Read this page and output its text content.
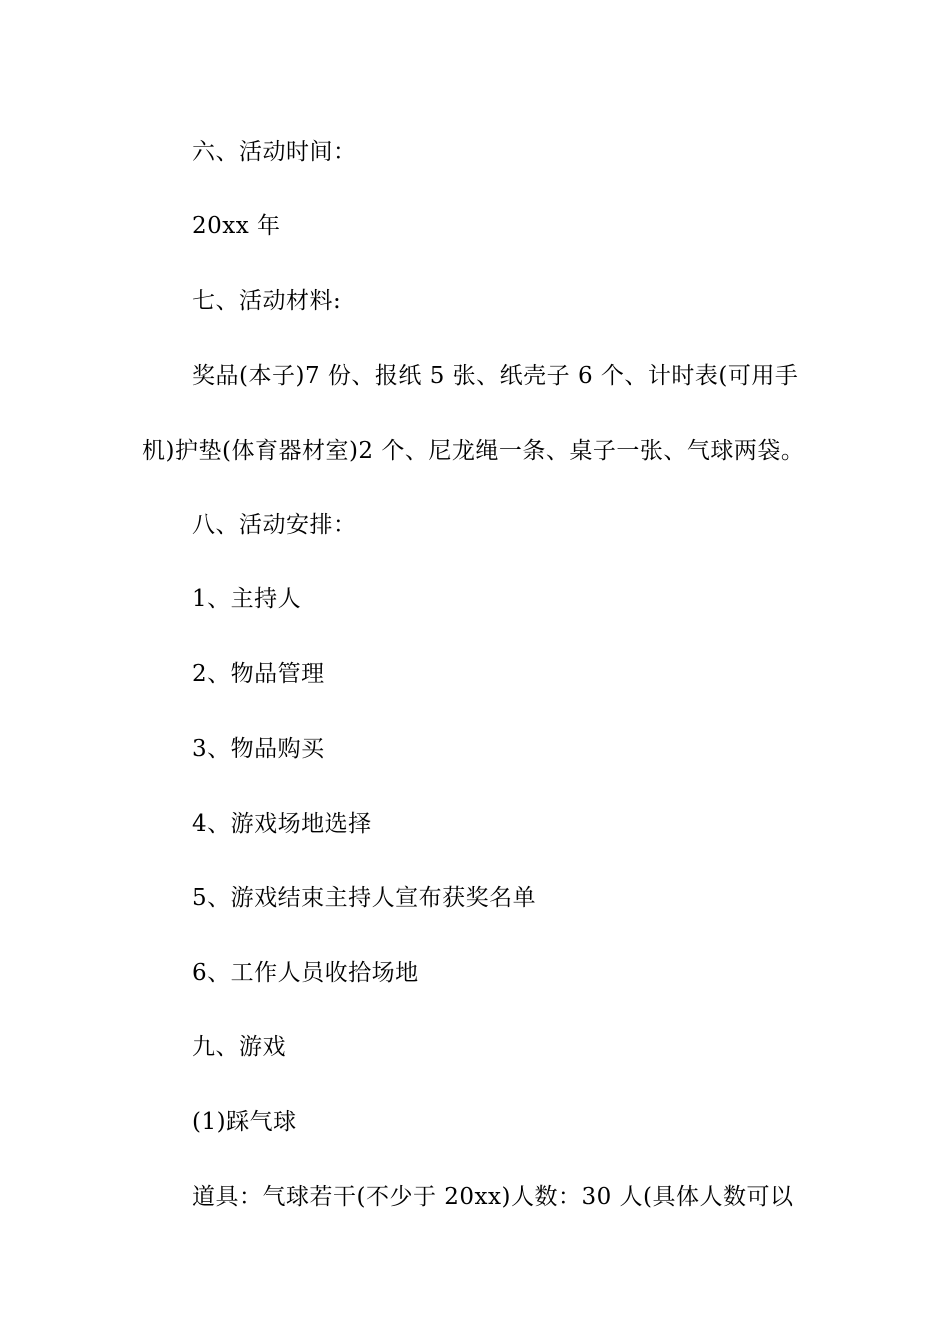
六、活动时间：
20xx 年
七、活动材料:
奖品(本子)7 份、报纸 5 张、纸壳子 6 个、计时表(可用手
机)护垫(体育器材室)2 个、尼龙绳一条、桌子一张、气球两袋。
八、活动安排：
1、主持人
2、物品管理
3、物品购买
4、游戏场地选择
5、游戏结束主持人宣布获奖名单
6、工作人员收拾场地
九、游戏
(1)踩气球
道具：气球若干(不少于 20xx)人数：30 人(具体人数可以
